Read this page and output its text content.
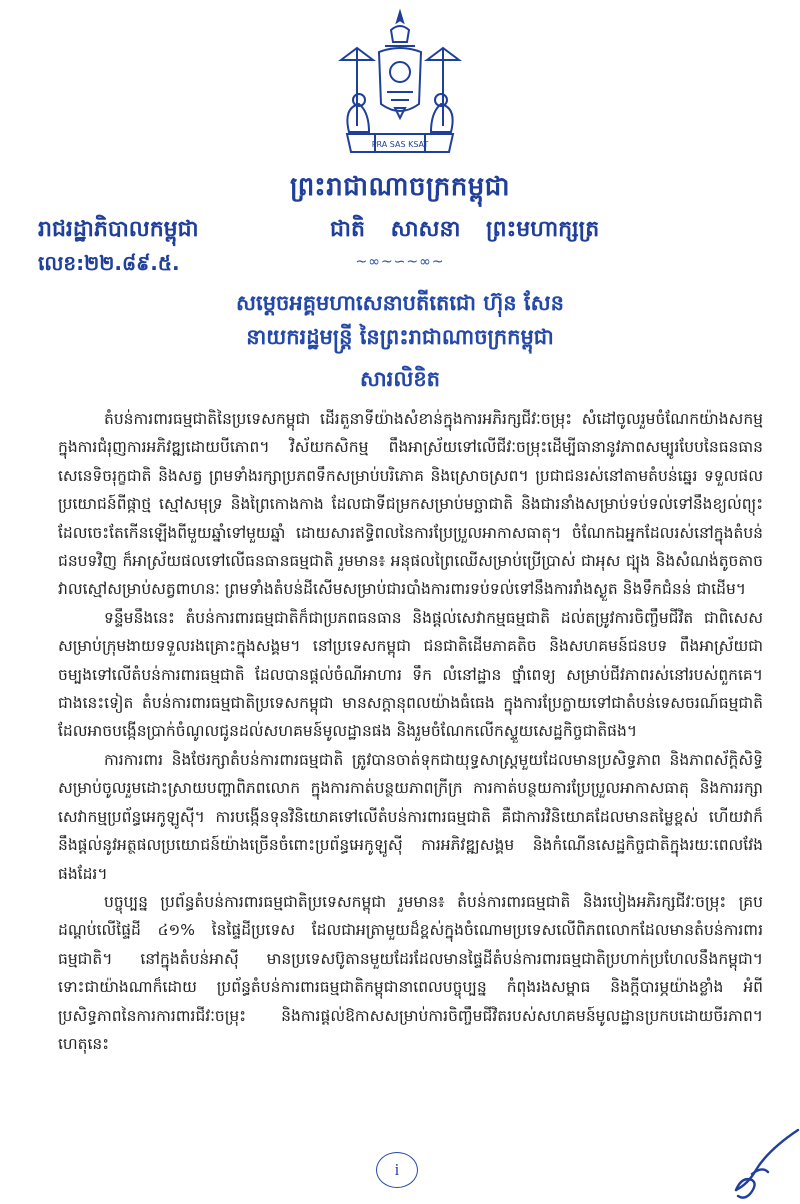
PRA SAS KSAT
ព្រះរាជាណាចក្រកម្ពុជា
រាជរដ្ឋាភិបាលកម្ពុជា	ជាតិ សាសនា ព្រះមហាក្សត្រ
លេខ:២២.៨៩.៥.	~∞~∽~∞~
សម្ដេចអគ្គមហាសេនាបតីតេជោ ហ៊ុន សែន
នាយករដ្ឋមន្ត្រី នៃព្រះរាជាណាចក្រកម្ពុជា
សារលិខិត

តំបន់ការពារធម្មជាតិនៃប្រទេសកម្ពុជា ដើរតួនាទីយ៉ាងសំខាន់ក្នុងការអភិរក្សជីវៈចម្រុះ សំដៅចូលរួមចំណែកយ៉ាងសកម្មក្នុងការជំរុញការអភិវឌ្ឍដោយបីភោព។ វិស័យកសិកម្ម ពឹងអាស្រ័យទៅលើជីវៈចម្រុះដើម្បីធានានូវភាពសម្បូរបែបនៃធនធានសេនេទិចរុក្ខជាតិ និងសត្វ ព្រមទាំងរក្សាប្រភពទឹកសម្រាប់បរិភោគ និងស្រោចស្រព។ ប្រជាជនរស់នៅតាមតំបន់ឆ្នេរ ទទួលផលប្រយោជន៍ពីផ្កាថ្ម ស្មៅសមុទ្រ និងព្រៃកោងកាង ដែលជាទីជម្រកសម្រាប់មច្ឆាជាតិ និងជារនាំងសម្រាប់ទប់ទល់ទៅនឹងខ្យល់ព្យុះដែលចេះតែកើនឡើងពីមួយឆ្នាំទៅមួយឆ្នាំ ដោយសារឥទ្ធិពលនៃការប្រែប្រួលអាកាសធាតុ។ ចំណែកឯអ្នកដែលរស់នៅក្នុងតំបន់ជនបទវិញ ក៏អាស្រ័យផលទៅលើធនធានធម្មជាតិ រួមមាន៖ អនុផលព្រៃឈើសម្រាប់ប្រើប្រាស់ ជាអុស ជ្បុង និងសំណង់តូចតាច វាលស្មៅសម្រាប់សត្វពាហនៈ ព្រមទាំងតំបន់ដីសើមសម្រាប់ជារបាំងការពារទប់ទល់ទៅនឹងការរាំងស្ងួត និងទឹកជំនន់ ជាដើម។

ទន្ទឹមនឹងនេះ តំបន់ការពារធម្មជាតិក៏ជាប្រភពធនធាន និងផ្ដល់សេវាកម្មធម្មជាតិ ដល់តម្រូវការចិញ្ចឹមជីវិត ជាពិសេសសម្រាប់ក្រុមងាយទទួលរងគ្រោះក្នុងសង្គម។ នៅប្រទេសកម្ពុជា ជនជាតិដើមភាគតិច និងសហគមន៍ជនបទ ពឹងអាស្រ័យជាចម្បងទៅលើតំបន់ការពារធម្មជាតិ ដែលបានផ្ដល់ចំណីអាហារ ទឹក លំនៅដ្ឋាន ថ្នាំពេទ្យ សម្រាប់ជីវភាពរស់នៅរបស់ពួកគេ។ ជាងនេះទៀត តំបន់ការពារធម្មជាតិប្រទេសកម្ពុជា មានសក្ដានុពលយ៉ាងធំធេង ក្នុងការប្រែក្លាយទៅជាតំបន់ទេសចរណ៍ធម្មជាតិ ដែលអាចបង្កើនប្រាក់ចំណូលជូនដល់សហគមន៍មូលដ្ឋានផង និងរួមចំណែកលើកស្ទួយសេដ្ឋកិច្ចជាតិផង។

ការការពារ និងថែរក្សាតំបន់ការពារធម្មជាតិ ត្រូវបានចាត់ទុកជាយុទ្ធសាស្ត្រមួយដែលមានប្រសិទ្ធភាព និងភាពស័ក្តិសិទ្ធិ សម្រាប់ចូលរួមដោះស្រាយបញ្ហាពិភពលោក ក្នុងការកាត់បន្ថយភាពក្រីក្រ ការកាត់បន្ថយការប្រែប្រួលអាកាសធាតុ និងការរក្សាសេវាកម្មប្រព័ន្ធអេកូឡូស៊ី។ ការបង្កើនទុនវិនិយោគទៅលើតំបន់ការពារធម្មជាតិ គឺជាការវិនិយោគដែលមានតម្លៃខ្ពស់ ហើយវាក៏នឹងផ្ដល់នូវអត្ថផលប្រយោជន៍យ៉ាងច្រើនចំពោះប្រព័ន្ធអេកូឡូស៊ី ការអភិវឌ្ឍសង្គម និងកំណើនសេដ្ឋកិច្ចជាតិក្នុងរយៈពេលវែងផងដែរ។

បច្ចុប្បន្ន ប្រព័ន្ធតំបន់ការពារធម្មជាតិប្រទេសកម្ពុជា រួមមាន៖ តំបន់ការពារធម្មជាតិ និងរបៀងអភិរក្សជីវៈចម្រុះ គ្របដណ្ដប់លើផ្ទៃដី ៤១% នៃផ្ទៃដីប្រទេស ដែលជាអត្រាមួយដ៏ខ្ពស់ក្នុងចំណោមប្រទេសលើពិភពលោកដែលមានតំបន់ការពារធម្មជាតិ។ នៅក្នុងតំបន់អាស៊ី មានប្រទេសប៊ូតានមួយដែរដែលមានផ្ទៃដីតំបន់ការពារធម្មជាតិប្រហាក់ប្រហែលនឹងកម្ពុជា។ ទោះជាយ៉ាងណាក៏ដោយ ប្រព័ន្ធតំបន់ការពារធម្មជាតិកម្ពុជានាពេលបច្ចុប្បន្ន កំពុងរងសម្ពាធ និងក្ដីបារម្ភយ៉ាងខ្លាំង អំពីប្រសិទ្ធភាពនៃការការពារជីវៈចម្រុះ និងការផ្ដល់ឱកាសសម្រាប់ការចិញ្ចឹមជីវិតរបស់សហគមន៍មូលដ្ឋានប្រកបដោយចីរភាព។ ហេតុនេះ

i
